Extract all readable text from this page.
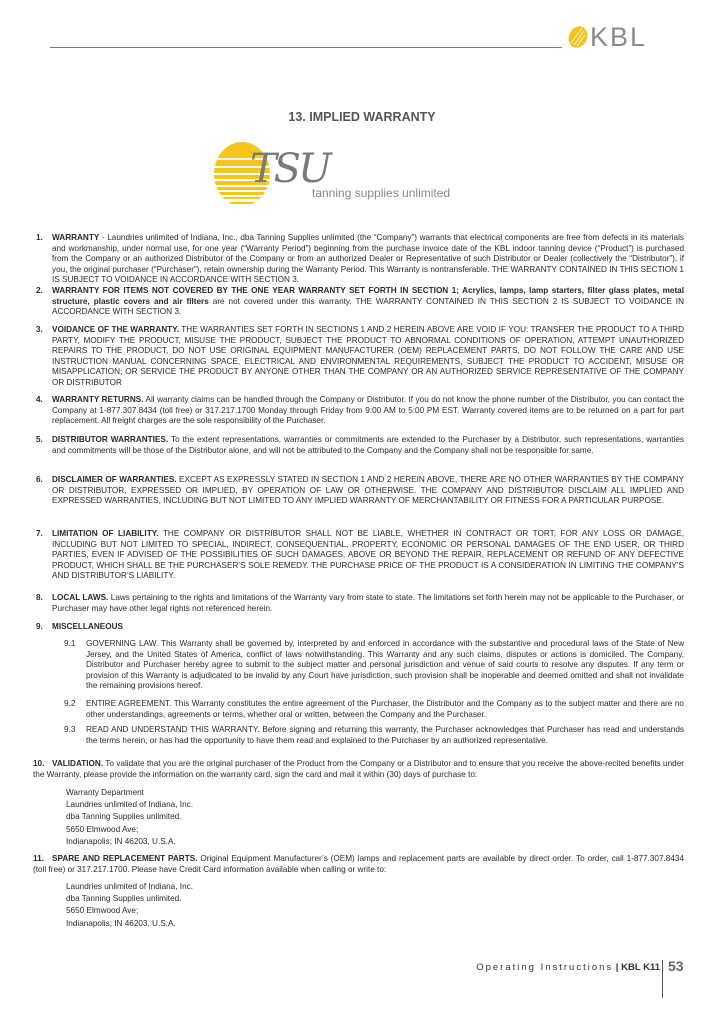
KBL
13. IMPLIED WARRANTY
TSU
tanning supplies unlimited
1. WARRANTY - Laundries unlimited of Indiana, Inc., dba Tanning Supplies unlimited (the “Company”) warrants that electrical components are free from defects in its materials and workmanship, under normal use, for one year (“Warranty Period”) beginning from the purchase invoice date of the KBL indoor tanning device (“Product”) is purchased from the Company or an authorized Distributor of the Company or from an authorized Dealer or Representative of such Distributor or Dealer (collectively the “Distributor”), if you, the original purchaser (“Purchaser”), retain ownership during the Warranty Period. This Warranty is nontransferable. THE WARRANTY CONTAINED IN THIS SECTION 1 IS SUBJECT TO VOIDANCE IN ACCORDANCE WITH SECTION 3.
2. WARRANTY FOR ITEMS NOT COVERED BY THE ONE YEAR WARRANTY SET FORTH IN SECTION 1; Acrylics, lamps, lamp starters, filter glass plates, metal structure, plastic covers and air filters are not covered under this warranty. THE WARRANTY CONTAINED IN THIS SECTION 2 IS SUBJECT TO VOIDANCE IN ACCORDANCE WITH SECTION 3.
3. VOIDANCE OF THE WARRANTY. THE WARRANTIES SET FORTH IN SECTIONS 1 AND 2 HEREIN ABOVE ARE VOID IF YOU: TRANSFER THE PRODUCT TO A THIRD PARTY, MODIFY THE PRODUCT, MISUSE THE PRODUCT, SUBJECT THE PRODUCT TO ABNORMAL CONDITIONS OF OPERATION, ATTEMPT UNAUTHORIZED REPAIRS TO THE PRODUCT, DO NOT USE ORIGINAL EQUIPMENT MANUFACTURER (OEM) REPLACEMENT PARTS, DO NOT FOLLOW THE CARE AND USE INSTRUCTION MANUAL CONCERNING SPACE, ELECTRICAL AND ENVIRONMENTAL REQUIREMENTS, SUBJECT THE PRODUCT TO ACCIDENT, MISUSE OR MISAPPLICATION; OR SERVICE THE PRODUCT BY ANYONE OTHER THAN THE COMPANY OR AN AUTHORIZED SERVICE REPRESENTATIVE OF THE COMPANY OR DISTRIBUTOR
4. WARRANTY RETURNS. All warranty claims can be handled through the Company or Distributor. If you do not know the phone number of the Distributor, you can contact the Company at 1-877.307.8434 (toll free) or 317.217.1700 Monday through Friday from 9:00 AM to 5:00 PM EST. Warranty covered items are to be returned on a part for part replacement. All freight charges are the sole responsibility of the Purchaser.
5. DISTRIBUTOR WARRANTIES. To the extent representations, warranties or commitments are extended to the Purchaser by a Distributor, such representations, warranties and commitments will be those of the Distributor alone, and will not be attributed to the Company and the Company shall not be responsible for same.
6. DISCLAIMER OF WARRANTIES. EXCEPT AS EXPRESSLY STATED IN SECTION 1 AND 2 HEREIN ABOVE, THERE ARE NO OTHER WARRANTIES BY THE COMPANY OR DISTRIBUTOR, EXPRESSED OR IMPLIED, BY OPERATION OF LAW OR OTHERWISE. THE COMPANY AND DISTRIBUTOR DISCLAIM ALL IMPLIED AND EXPRESSED WARRANTIES, INCLUDING BUT NOT LIMITED TO ANY IMPLIED WARRANTY OF MERCHANTABILITY OR FITNESS FOR A PARTICULAR PURPOSE.
7. LIMITATION OF LIABILITY. THE COMPANY OR DISTRIBUTOR SHALL NOT BE LIABLE, WHETHER IN CONTRACT OR TORT, FOR ANY LOSS OR DAMAGE, INCLUDING BUT NOT LIMITED TO SPECIAL, INDIRECT, CONSEQUENTIAL, PROPERTY, ECONOMIC OR PERSONAL DAMAGES OF THE END USER, OR THIRD PARTIES, EVEN IF ADVISED OF THE POSSIBILITIES OF SUCH DAMAGES, ABOVE OR BEYOND THE REPAIR, REPLACEMENT OR REFUND OF ANY DEFECTIVE PRODUCT, WHICH SHALL BE THE PURCHASER’S SOLE REMEDY. THE PURCHASE PRICE OF THE PRODUCT IS A CONSIDERATION IN LIMITING THE COMPANY’S AND DISTRIBUTOR’S LIABILITY.
8. LOCAL LAWS. Laws pertaining to the rights and limitations of the Warranty vary from state to state. The limitations set forth herein may not be applicable to the Purchaser, or Purchaser may have other legal rights not referenced herein.
9. MISCELLANEOUS
9.1 GOVERNING LAW. This Warranty shall be governed by, interpreted by and enforced in accordance with the substantive and procedural laws of the State of New Jersey, and the United States of America, conflict of laws notwithstanding. This Warranty and any such claims, disputes or actions is domiciled. The Company, Distributor and Purchaser hereby agree to submit to the subject matter and personal jurisdiction and venue of said courts to resolve any disputes. If any term or provision of this Warranty is adjudicated to be invalid by any Court have jurisdiction, such provision shall be inoperable and deemed omitted and shall not invalidate the remaining provisions hereof.
9.2 ENTIRE AGREEMENT. This Warranty constitutes the entire agreement of the Purchaser, the Distributor and the Company as to the subject matter and there are no other understandings, agreements or terms, whether oral or written, between the Company and the Purchaser.
9.3 READ AND UNDERSTAND THIS WARRANTY. Before signing and returning this warranty, the Purchaser acknowledges that Purchaser has read and understands the terms herein, or has had the opportunity to have them read and explained to the Purchaser by an authorized representative.
10. VALIDATION. To validate that you are the original purchaser of the Product from the Company or a Distributor and to ensure that you receive the above-recited benefits under the Warranty, please provide the information on the warranty card, sign the card and mail it within (30) days of purchase to:
Warranty Department
Laundries unlimited of Indiana, Inc.
dba Tanning Supplies unlimited.
5650 Elmwood Ave;
Indianapolis; IN 46203, U.S.A.
11. SPARE AND REPLACEMENT PARTS. Original Equipment Manufacturer’s (OEM) lamps and replacement parts are available by direct order. To order, call 1-877.307.8434 (toll free) or 317.217.1700. Please have Credit Card information available when calling or write to:
Laundries unlimited of Indiana, Inc.
dba Tanning Supplies unlimited.
5650 Elmwood Ave;
Indianapolis; IN 46203, U.S.A.
Operating Instructions | KBL K11 53
